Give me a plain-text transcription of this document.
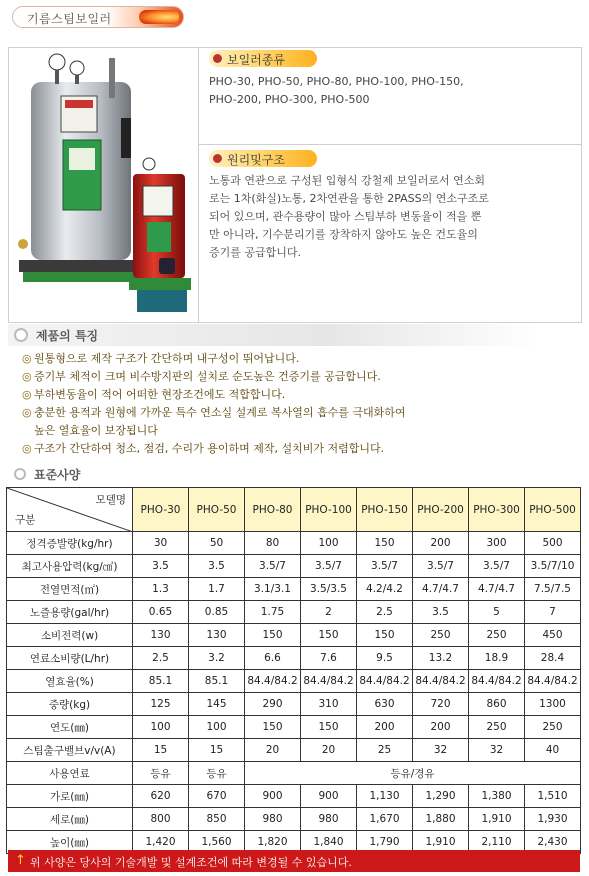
기름스팀보일러
보일러종류
PHO-30, PHO-50, PHO-80, PHO-100, PHO-150,
PHO-200, PHO-300, PHO-500
원리및구조
노통과 연관으로 구성된 입형식 강철제 보일러로서 연소회
로는 1차(화실)노통, 2차연관을 통한 2PASS의 연소구조로
되어 있으며, 관수용량이 많아 스팀부하 변동율이 적을 뿐
만 아니라, 기수분리기를 장착하지 않아도 높은 건도율의
증기를 공급합니다.
제품의 특징
◎ 원통형으로 제작 구조가 간단하며 내구성이 뛰어납니다.
◎ 증기부 체적이 크며 비수방지판의 설치로 순도높은 건증기를 공급합니다.
◎ 부하변동율이 적어 어떠한 현장조건에도 적합합니다.
◎ 충분한 용적과 원형에 가까운 특수 연소실 설계로 복사열의 흡수를 극대화하여
높은 열효율이 보장됩니다
◎ 구조가 간단하여 청소, 점검, 수리가 용이하며 제작, 설치비가 저렴합니다.
표준사양
모델명
구분	PHO-30	PHO-50	PHO-80	PHO-100	PHO-150	PHO-200	PHO-300	PHO-500
정격증발량(kg/hr)	30	50	80	100	150	200	300	500
최고사용압력(kg/㎠)	3.5	3.5	3.5/7	3.5/7	3.5/7	3.5/7	3.5/7	3.5/7/10
전열면적(㎡)	1.3	1.7	3.1/3.1	3.5/3.5	4.2/4.2	4.7/4.7	4.7/4.7	7.5/7.5
노즐용량(gal/hr)	0.65	0.85	1.75	2	2.5	3.5	5	7
소비전력(w)	130	130	150	150	150	250	250	450
연료소비량(L/hr)	2.5	3.2	6.6	7.6	9.5	13.2	18.9	28.4
열효율(%)	85.1	85.1	84.4/84.2	84.4/84.2	84.4/84.2	84.4/84.2	84.4/84.2	84.4/84.2
중량(kg)	125	145	290	310	630	720	860	1300
연도(㎜)	100	100	150	150	200	200	250	250
스팀출구밸브v/v(A)	15	15	20	20	25	32	32	40
사용연료	등유	등유	등유/경유					
가로(㎜)	620	670	900	900	1,130	1,290	1,380	1,510
세로(㎜)	800	850	980	980	1,670	1,880	1,910	1,930
높이(㎜)	1,420	1,560	1,820	1,840	1,790	1,910	2,110	2,430
↑ 위 사양은 당사의 기술개발 및 설계조건에 따라 변경될 수 있습니다.
